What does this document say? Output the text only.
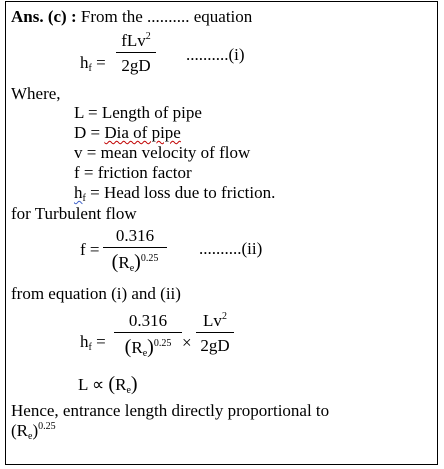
Ans. (c) : From the .......... equation
$h_f$ =
fLv$^2$
2gD
..........(i)
Where,
L = Length of pipe
D = Dia of pipe
v = mean velocity of flow
f = friction factor
$h_f$ = Head loss due to friction.
for Turbulent flow
f =
0.316
$(R_e)^{0.25}$
..........(ii)
from equation (i) and (ii)
$h_f$ =
0.316
$(R_e)^{0.25}$ ×
$Lv^2$
2gD
$L \propto (R_e)$
Hence, entrance length directly proportional to
$(R_e)^{0.25}$
